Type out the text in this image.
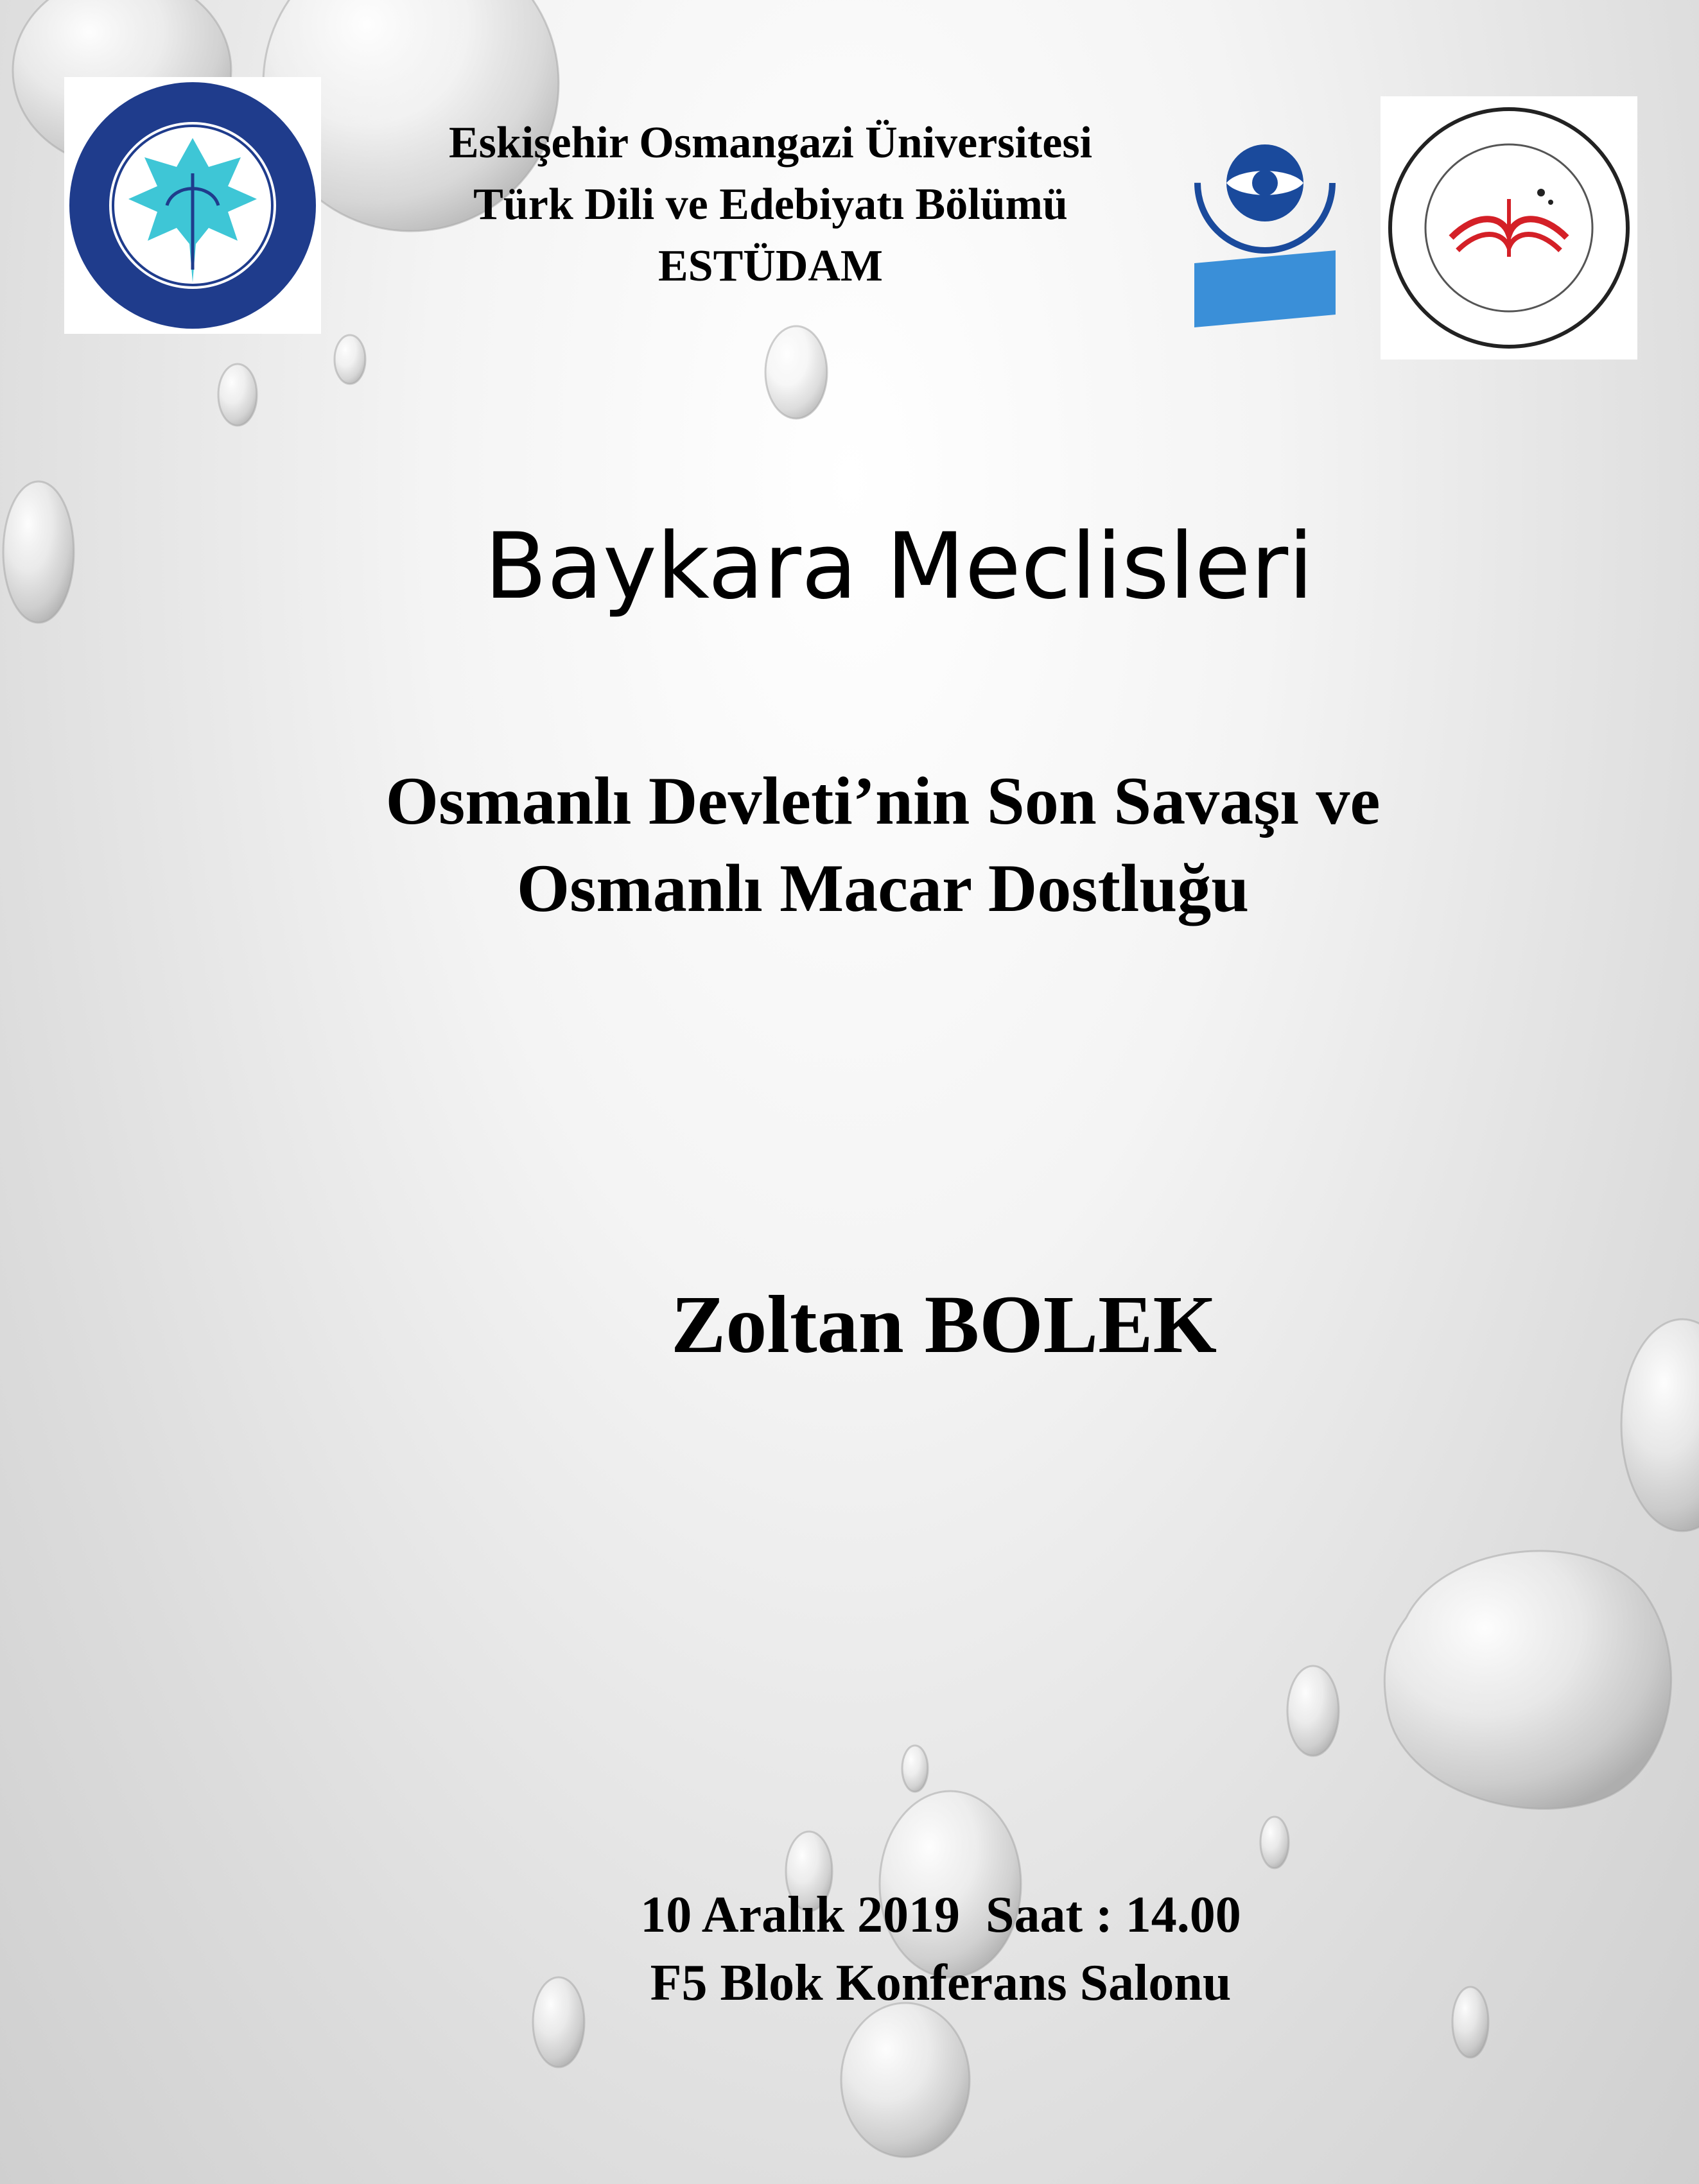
Eskişehir Osmangazi Üniversitesi
Türk Dili ve Edebiyatı Bölümü
ESTÜDAM
Baykara Meclisleri
Osmanlı Devleti’nin Son Savaşı ve
Osmanlı Macar Dostluğu
Zoltan BOLEK
10 Aralık 2019  Saat : 14.00
F5 Blok Konferans Salonu
